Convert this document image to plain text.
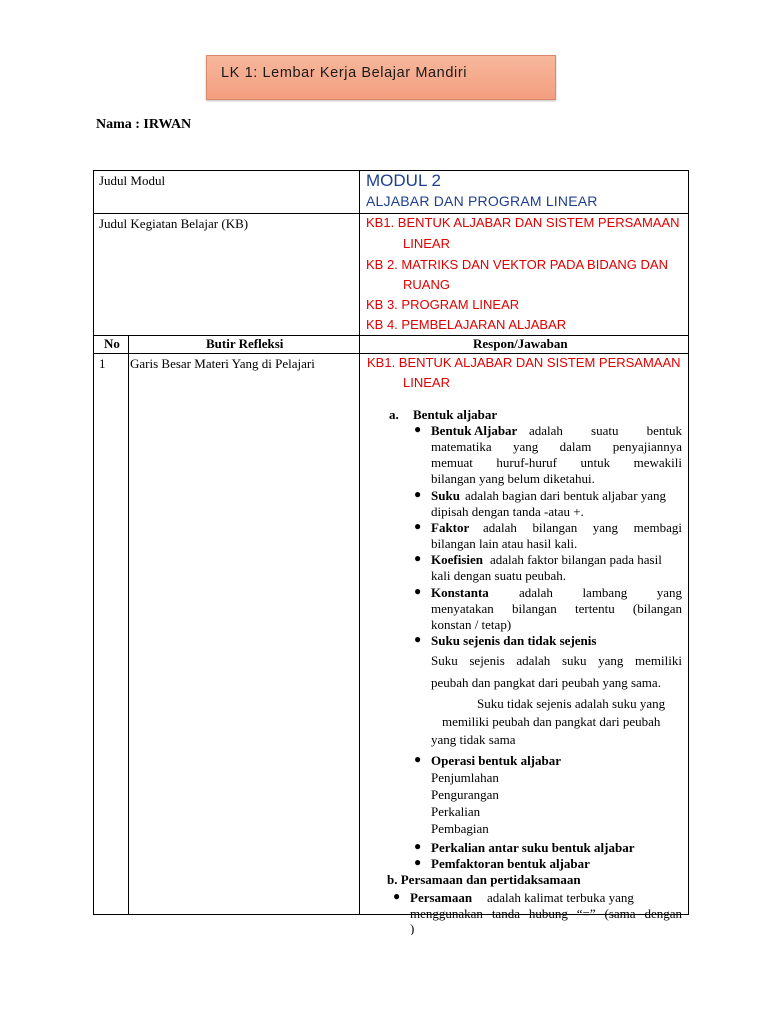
LK 1: Lembar Kerja Belajar Mandiri
Nama : IRWAN
Judul Modul	MODUL 2
ALJABAR DAN PROGRAM LINEAR
Judul Kegiatan Belajar (KB)	KB1. BENTUK ALJABAR DAN SISTEM PERSAMAAN
LINEAR
KB 2. MATRIKS DAN VEKTOR PADA BIDANG DAN
RUANG
KB 3. PROGRAM LINEAR
KB 4. PEMBELAJARAN ALJABAR
No	Butir Refleksi	Respon/Jawaban
1 Garis Besar Materi Yang di Pelajari	KB1. BENTUK ALJABAR DAN SISTEM PERSAMAAN
LINEAR
a. Bentuk aljabar
● Bentuk Aljabar adalah suatu bentuk
matematika yang dalam penyajiannya
memuat huruf-huruf untuk mewakili
bilangan yang belum diketahui.
● Suku adalah bagian dari bentuk aljabar yang
dipisah dengan tanda -atau +.
● Faktor adalah bilangan yang membagi
bilangan lain atau hasil kali.
● Koefisien adalah faktor bilangan pada hasil
kali dengan suatu peubah.
● Konstanta adalah lambang yang
menyatakan bilangan tertentu (bilangan
konstan / tetap)
● Suku sejenis dan tidak sejenis
Suku sejenis adalah suku yang memiliki
peubah dan pangkat dari peubah yang sama.
Suku tidak sejenis adalah suku yang
memiliki peubah dan pangkat dari peubah
yang tidak sama
● Operasi bentuk aljabar
Penjumlahan
Pengurangan
Perkalian
Pembagian
● Perkalian antar suku bentuk aljabar
● Pemfaktoran bentuk aljabar
b. Persamaan dan pertidaksamaan
● Persamaan adalah kalimat terbuka yang
menggunakan tanda hubung “=” (sama dengan
)
